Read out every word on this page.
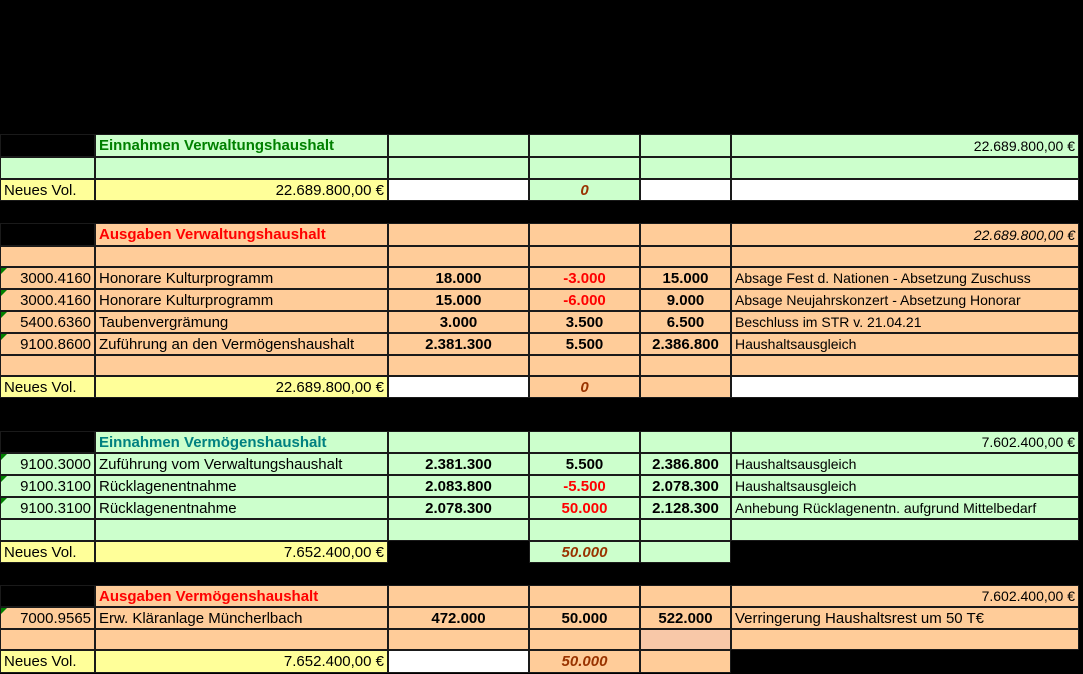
Einnahmen Verwaltungshaushalt	22.689.800,00 €
Neues Vol.	22.689.800,00 €	0
Ausgaben Verwaltungshaushalt	22.689.800,00 €
3000.4160 Honorare Kulturprogramm	18.000	-3.000	15.000	Absage Fest d. Nationen - Absetzung Zuschuss
3000.4160 Honorare Kulturprogramm	15.000	-6.000	9.000	Absage Neujahrskonzert - Absetzung Honorar
5400.6360 Taubenvergrämung	3.000	3.500	6.500	Beschluss im STR v. 21.04.21
9100.8600 Zuführung an den Vermögenshaushalt	2.381.300	5.500	2.386.800	Haushaltsausgleich
Neues Vol.	22.689.800,00 €	0
Einnahmen Vermögenshaushalt	7.602.400,00 €
9100.3000 Zuführung vom Verwaltungshaushalt	2.381.300	5.500	2.386.800	Haushaltsausgleich
9100.3100 Rücklagenentnahme	2.083.800	-5.500	2.078.300	Haushaltsausgleich
9100.3100 Rücklagenentnahme	2.078.300	50.000	2.128.300	Anhebung Rücklagenentn. aufgrund Mittelbedarf
Neues Vol.	7.652.400,00 €	50.000
Ausgaben Vermögenshaushalt	7.602.400,00 €
7000.9565 Erw. Kläranlage Müncherlbach	472.000	50.000	522.000	Verringerung Haushaltsrest um 50 T€
Neues Vol.	7.652.400,00 €	50.000
